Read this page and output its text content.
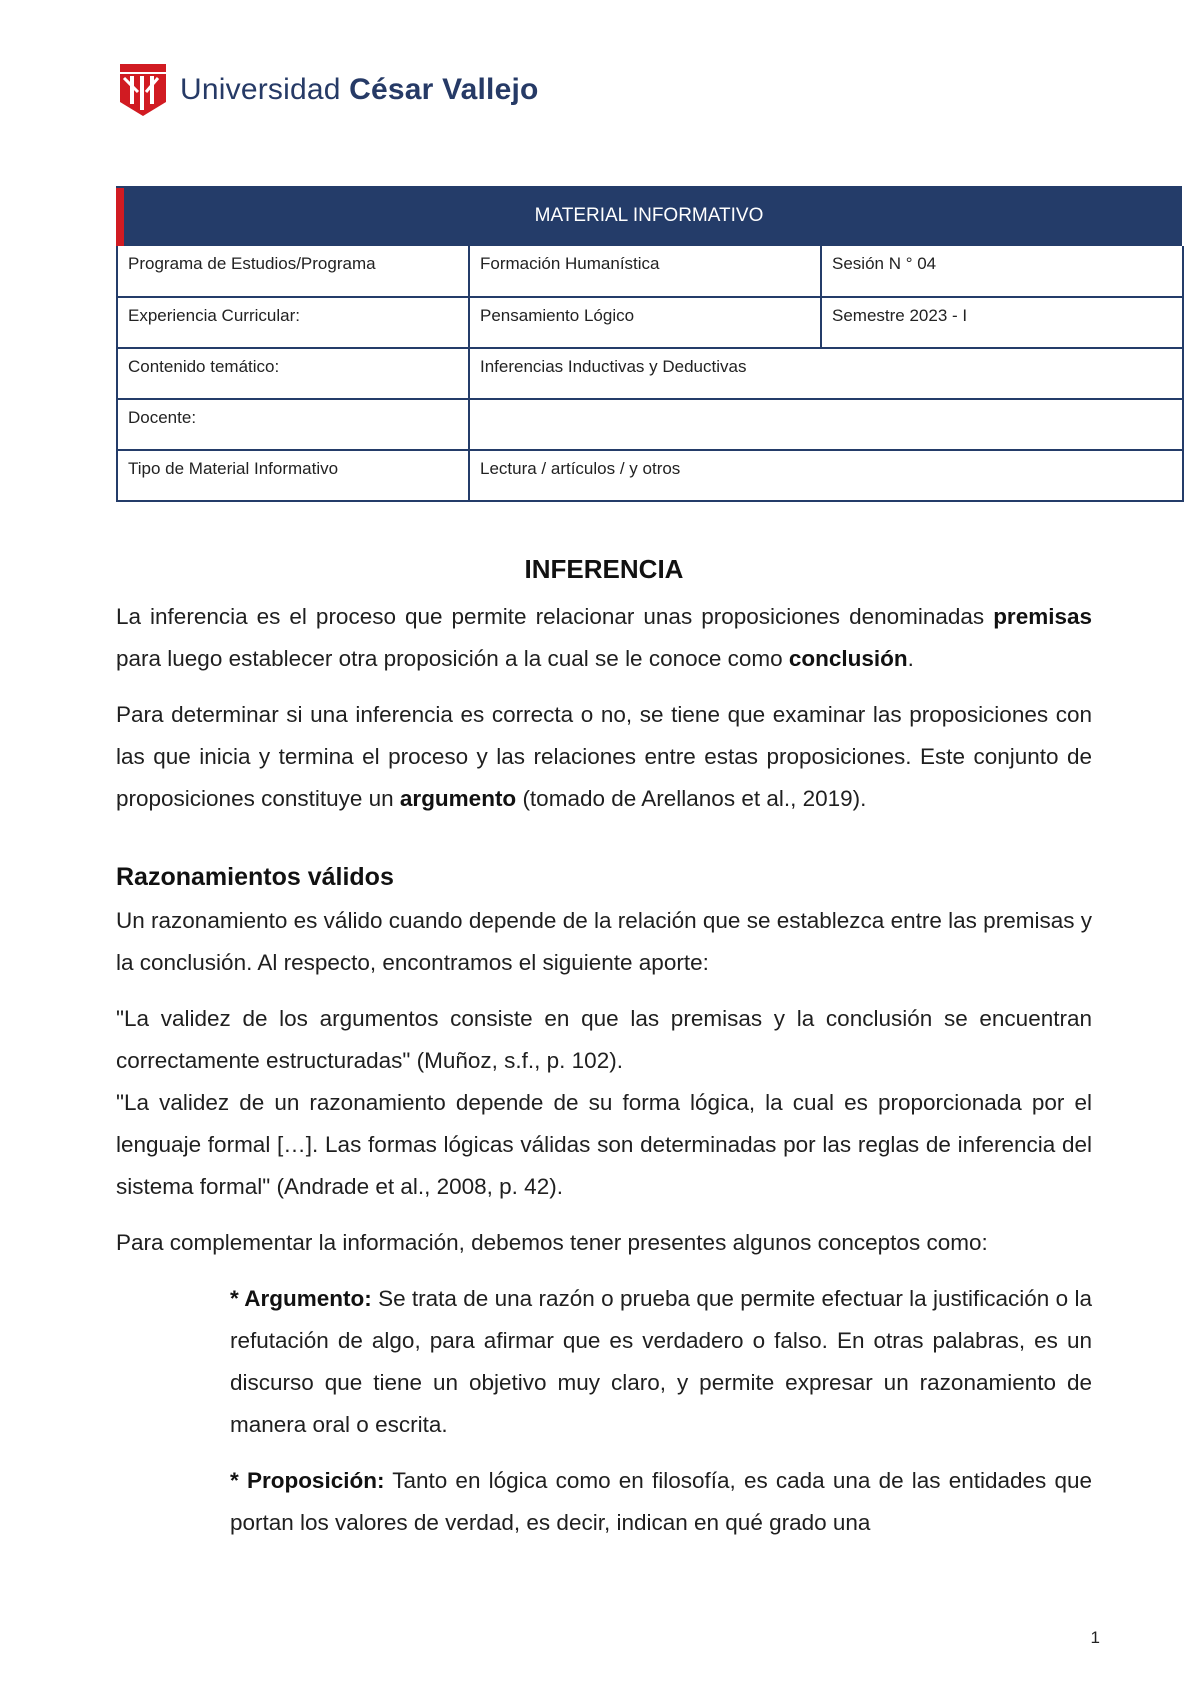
Universidad César Vallejo
MATERIAL INFORMATIVO
Programa de Estudios/Programa	Formación Humanística	Sesión N ° 04
Experiencia Curricular:	Pensamiento Lógico	Semestre 2023 - I
Contenido temático:	Inferencias Inductivas y Deductivas	
Docente:		
Tipo de Material Informativo	Lectura / artículos / y otros	

INFERENCIA

La inferencia es el proceso que permite relacionar unas proposiciones denominadas premisas para luego establecer otra proposición a la cual se le conoce como conclusión.

Para determinar si una inferencia es correcta o no, se tiene que examinar las proposiciones con las que inicia y termina el proceso y las relaciones entre estas proposiciones. Este conjunto de proposiciones constituye un argumento (tomado de Arellanos et al., 2019).

Razonamientos válidos

Un razonamiento es válido cuando depende de la relación que se establezca entre las premisas y la conclusión. Al respecto, encontramos el siguiente aporte:

"La validez de los argumentos consiste en que las premisas y la conclusión se encuentran correctamente estructuradas" (Muñoz, s.f., p. 102).

"La validez de un razonamiento depende de su forma lógica, la cual es proporcionada por el lenguaje formal […]. Las formas lógicas válidas son determinadas por las reglas de inferencia del sistema formal" (Andrade et al., 2008, p. 42).

Para complementar la información, debemos tener presentes algunos conceptos como:

* Argumento: Se trata de una razón o prueba que permite efectuar la justificación o la refutación de algo, para afirmar que es verdadero o falso. En otras palabras, es un discurso que tiene un objetivo muy claro, y permite expresar un razonamiento de manera oral o escrita.

* Proposición: Tanto en lógica como en filosofía, es cada una de las entidades que portan los valores de verdad, es decir, indican en qué grado una

1
